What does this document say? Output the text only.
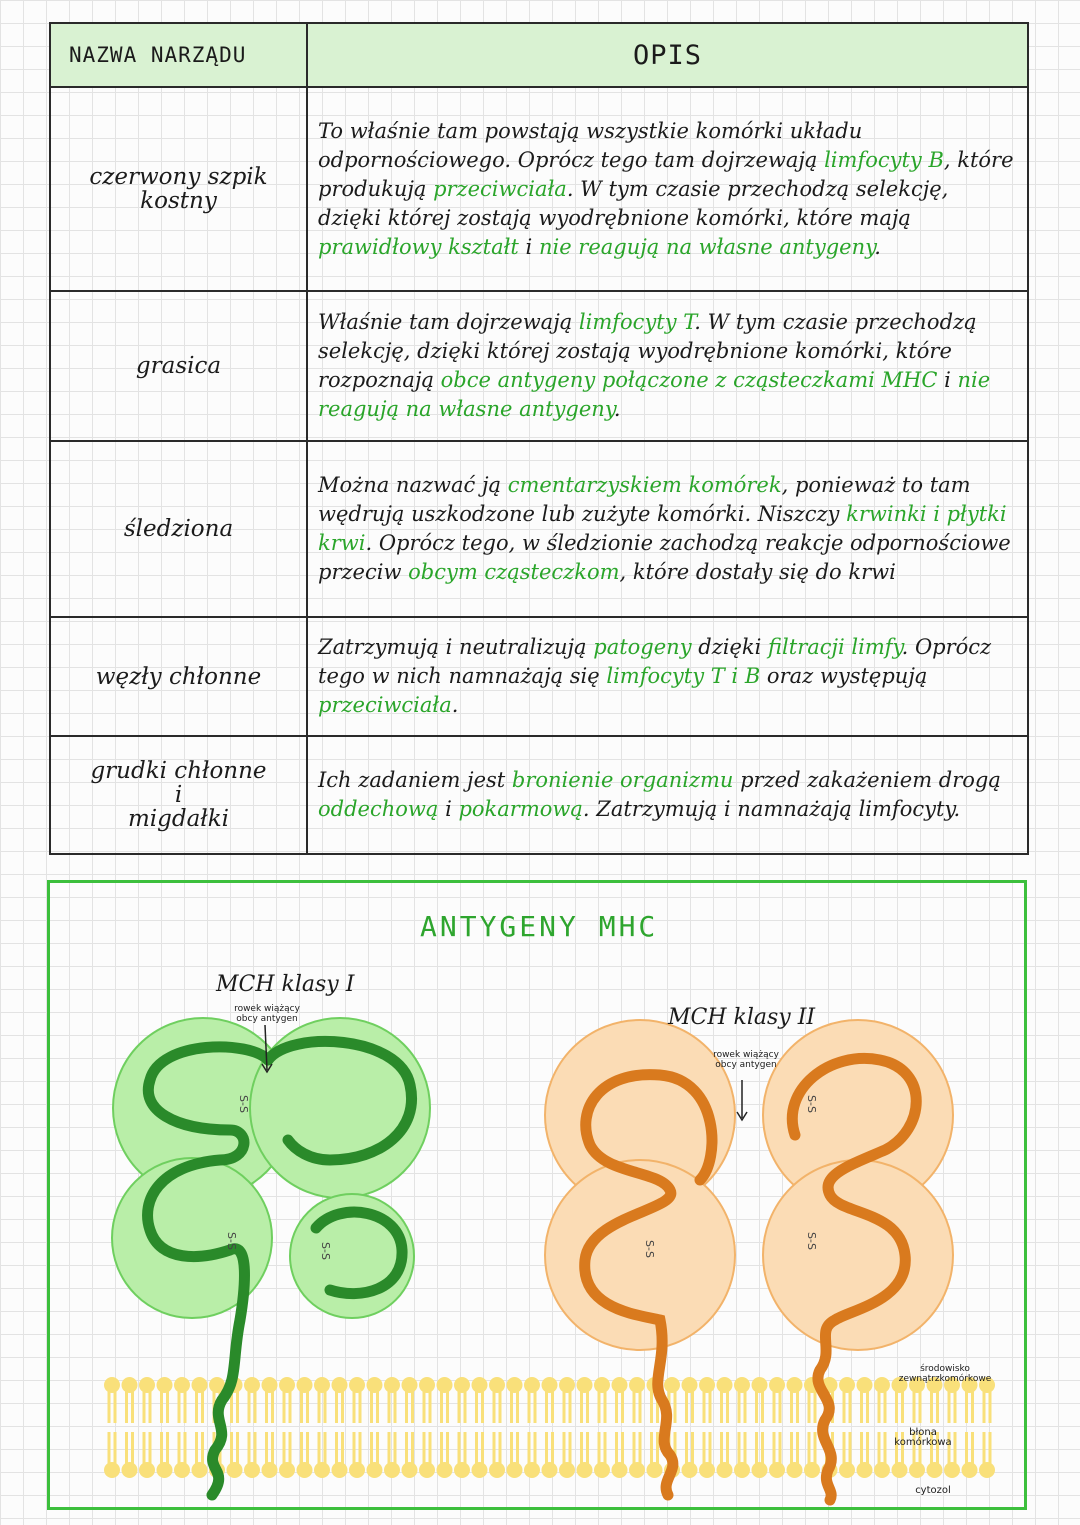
NAZWA NARZĄDU	OPIS

czerwony szpik
kostny	To właśnie tam powstają wszystkie komórki układu odpornościowego. Oprócz tego tam dojrzewają limfocyty B, które produkują przeciwciała. W tym czasie przechodzą selekcję, dzięki której zostają wyodrębnione komórki, które mają prawidłowy kształt i nie reagują na własne antygeny.

grasica	Właśnie tam dojrzewają limfocyty T. W tym czasie przechodzą selekcję, dzięki której zostają wyodrębnione komórki, które rozpoznają obce antygeny połączone z cząsteczkami MHC i nie reagują na własne antygeny.

śledziona	Można nazwać ją cmentarzyskiem komórek, ponieważ to tam wędrują uszkodzone lub zużyte komórki. Niszczy krwinki i płytki krwi. Oprócz tego, w śledzionie zachodzą reakcje odpornościowe przeciw obcym cząsteczkom, które dostały się do krwi

węzły chłonne	Zatrzymują i neutralizują patogeny dzięki filtracji limfy. Oprócz tego w nich namnażają się limfocyty T i B oraz występują przeciwciała.

grudki chłonne
i
migdałki	Ich zadaniem jest bronienie organizmu przed zakażeniem drogą oddechową i pokarmową. Zatrzymują i namnażają limfocyty.
ANTYGENY MHC
S-S
S-S
S-S	S-S
S-S
S-S
MCH klasy I
rowek wiążący
obcy antygen	MCH klasy II
rowek wiążący
obcy antygen
środowisko
zewnątrzkomórkowe
błona
komórkowa
cytozol
